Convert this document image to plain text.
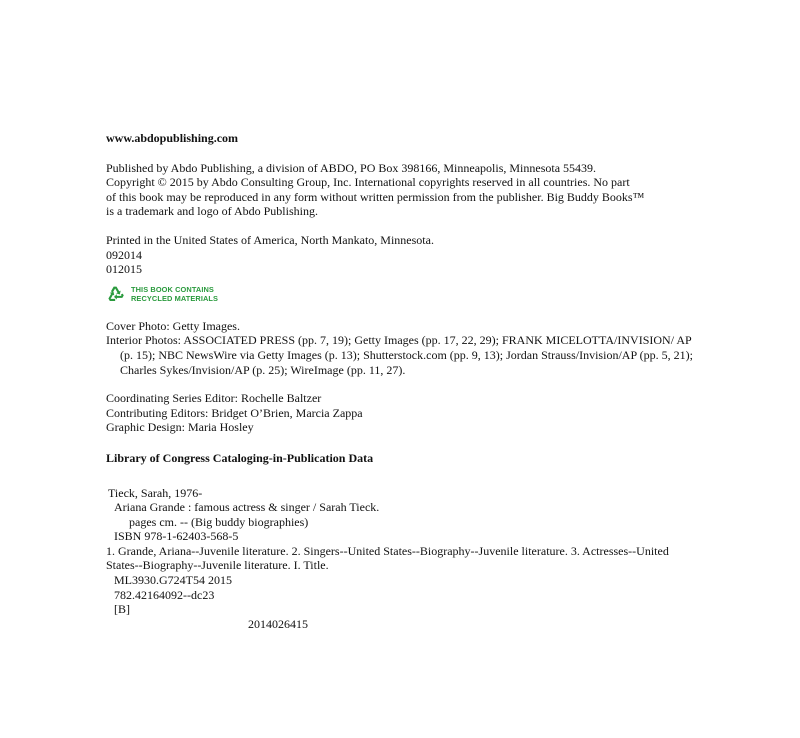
www.abdopublishing.com
Published by Abdo Publishing, a division of ABDO, PO Box 398166, Minneapolis, Minnesota 55439.
Copyright © 2015 by Abdo Consulting Group, Inc. International copyrights reserved in all countries. No part
of this book may be reproduced in any form without written permission from the publisher. Big Buddy Books™
is a trademark and logo of Abdo Publishing.
Printed in the United States of America, North Mankato, Minnesota.
092014
012015
THIS BOOK CONTAINS
RECYCLED MATERIALS
Cover Photo: Getty Images.
Interior Photos: ASSOCIATED PRESS (pp. 7, 19); Getty Images (pp. 17, 22, 29); FRANK MICELOTTA/INVISION/ AP (p. 15); NBC NewsWire via Getty Images (p. 13); Shutterstock.com (pp. 9, 13); Jordan Strauss/Invision/AP (pp. 5, 21); Charles Sykes/Invision/AP (p. 25); WireImage (pp. 11, 27).
Coordinating Series Editor: Rochelle Baltzer
Contributing Editors: Bridget O’Brien, Marcia Zappa
Graphic Design: Maria Hosley
Library of Congress Cataloging-in-Publication Data
Tieck, Sarah, 1976-
Ariana Grande : famous actress & singer / Sarah Tieck.
pages cm. -- (Big buddy biographies)
ISBN 978-1-62403-568-5
1. Grande, Ariana--Juvenile literature. 2. Singers--United States--Biography--Juvenile literature. 3. Actresses--United States--Biography--Juvenile literature. I. Title.
ML3930.G724T54 2015
782.42164092--dc23
[B]
2014026415
